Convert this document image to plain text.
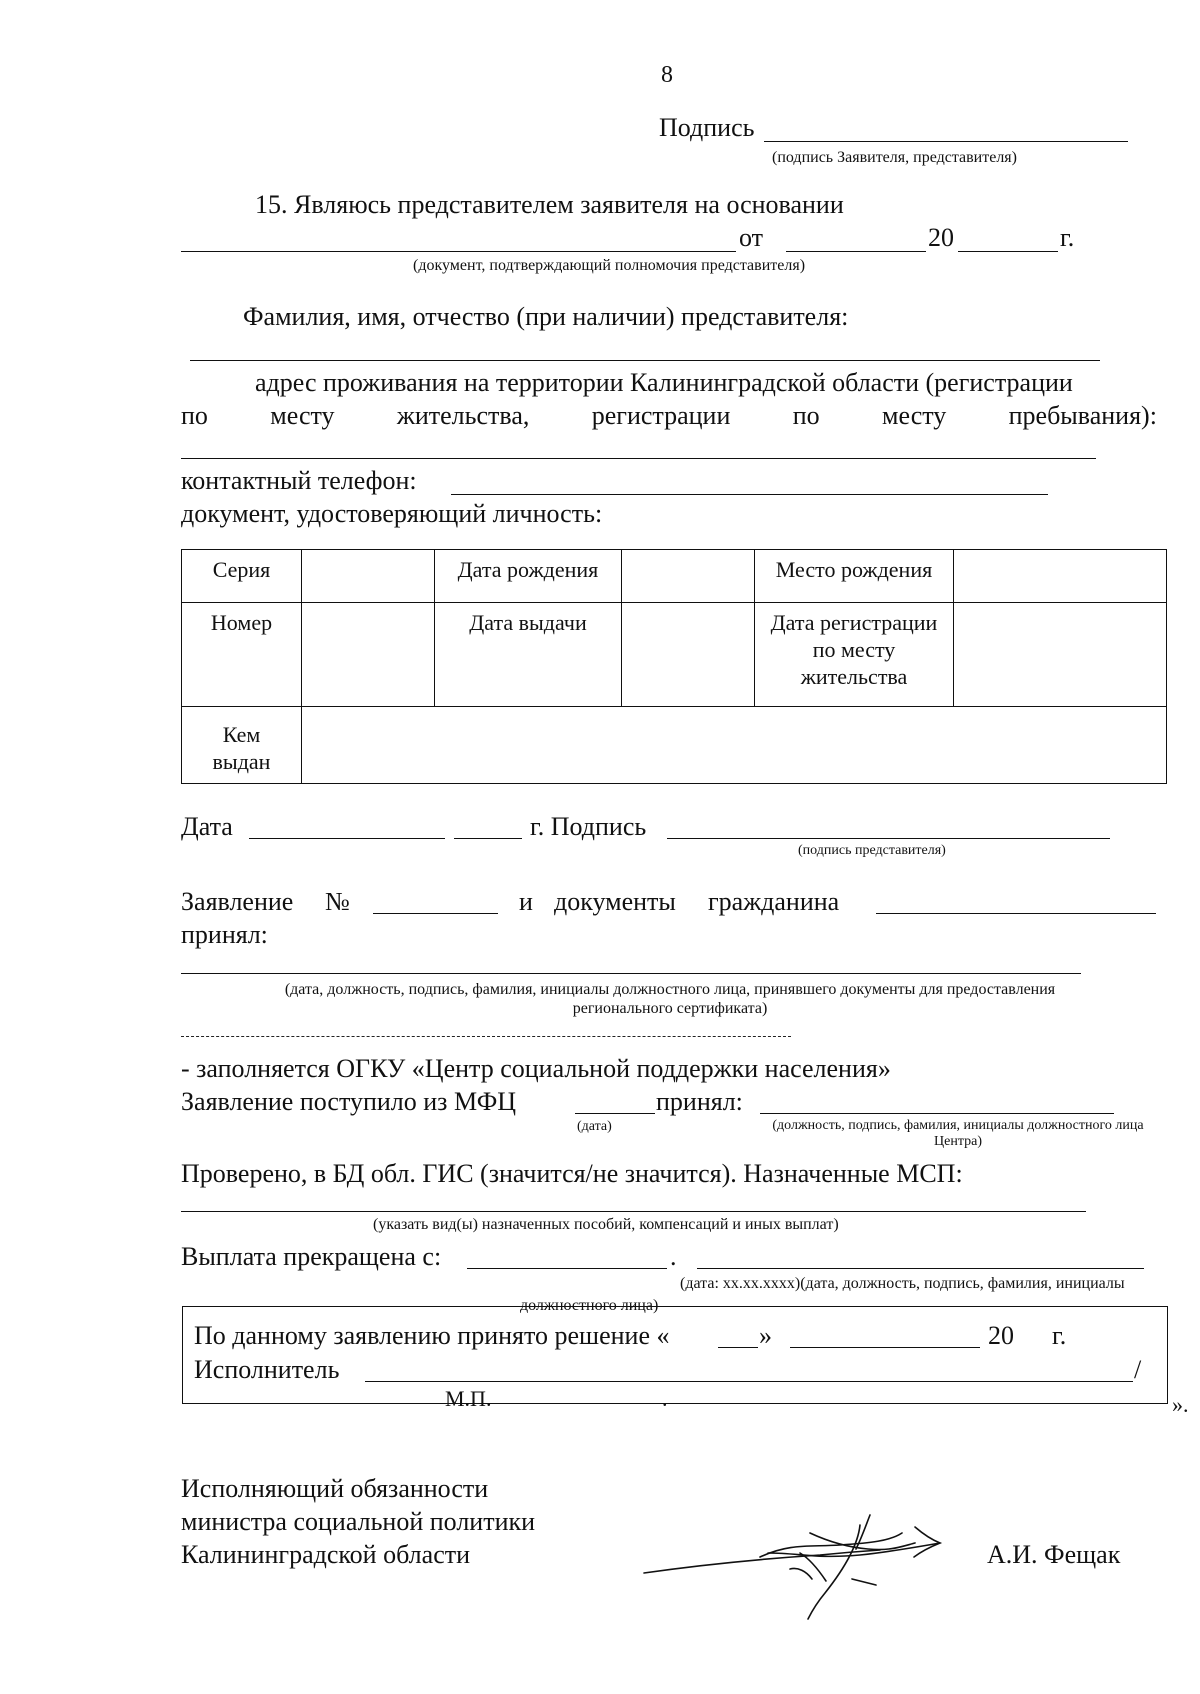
8
Подпись
(подпись Заявителя, представителя)
15. Являюсь представителем заявителя на основании
от	20	г.
(документ, подтверждающий полномочия представителя)
Фамилия, имя, отчество (при наличии) представителя:
адрес проживания на территории Калининградской области (регистрации
по месту жительства, регистрации по месту пребывания):
контактный телефон:
документ, удостоверяющий личность:
Серия		Дата рождения		Место рождения	
Номер		Дата выдачи		Дата регистрации по месту жительства	
Кем выдан					
Дата	г. Подпись
(подпись представителя)
Заявление №	и документы гражданина
принял:
(дата, должность, подпись, фамилия, инициалы должностного лица, принявшего документы для предоставления регионального сертификата)
- заполняется ОГКУ «Центр социальной поддержки населения»
Заявление поступило из МФЦ	принял:
(дата)	(должность, подпись, фамилия, инициалы должностного лица Центра)
Проверено, в БД обл. ГИС (значится/не значится). Назначенные МСП:
(указать вид(ы) назначенных пособий, компенсаций и иных выплат)
Выплата прекращена с:	.
(дата: хх.хх.хххх)(дата, должность, подпись, фамилия, инициалы должностного лица)
По данному заявлению принято решение «	»	20 г.
Исполнитель	/
М.П.	.	».
Исполняющий обязанности
министра социальной политики
Калининградской области	А.И. Фещак
